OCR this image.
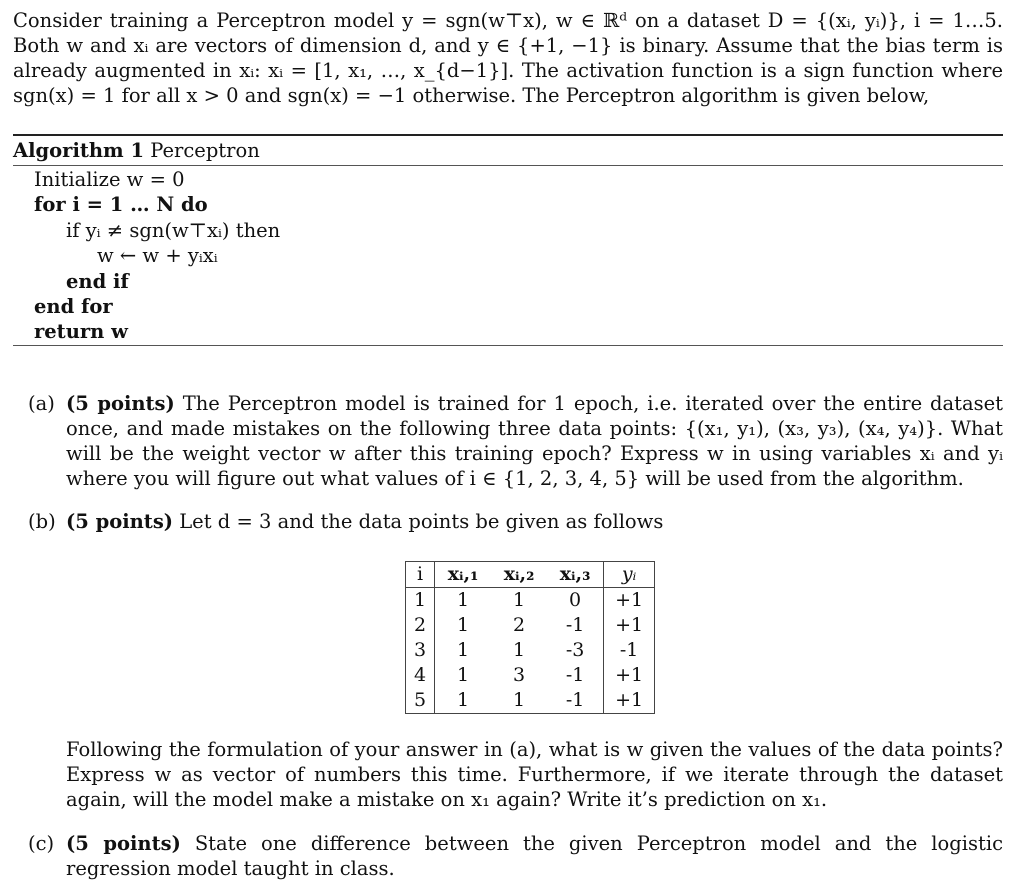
Consider training a Perceptron model y = sgn(w⊤x), w ∈ ℝᵈ on a dataset D = {(xᵢ, yᵢ)}, i = 1…5. Both w and xᵢ are vectors of dimension d, and y ∈ {+1, −1} is binary. Assume that the bias term is already augmented in xᵢ: xᵢ = [1, x₁, …, x_{d−1}]. The activation function is a sign function where sgn(x) = 1 for all x > 0 and sgn(x) = −1 otherwise. The Perceptron algorithm is given below,

Algorithm 1 Perceptron
Initialize w = 0
for i = 1 … N do
if yᵢ ≠ sgn(w⊤xᵢ) then
w ← w + yᵢxᵢ
end if
end for
return w
(a) (5 points) The Perceptron model is trained for 1 epoch, i.e. iterated over the entire dataset once, and made mistakes on the following three data points: {(x₁, y₁), (x₃, y₃), (x₄, y₄)}. What will be the weight vector w after this training epoch? Express w in using variables xᵢ and yᵢ where you will figure out what values of i ∈ {1, 2, 3, 4, 5} will be used from the algorithm.

(b) (5 points) Let d = 3 and the data points be given as follows

i	xᵢ,₁	xᵢ,₂	xᵢ,₃	yᵢ
1	1	1	0	+1
2	1	2	-1	+1
3	1	1	-3	-1
4	1	3	-1	+1
5	1	1	-1	+1

Following the formulation of your answer in (a), what is w given the values of the data points? Express w as vector of numbers this time. Furthermore, if we iterate through the dataset again, will the model make a mistake on x₁ again? Write it’s prediction on x₁.

(c) (5 points) State one difference between the given Perceptron model and the logistic regression model taught in class.
